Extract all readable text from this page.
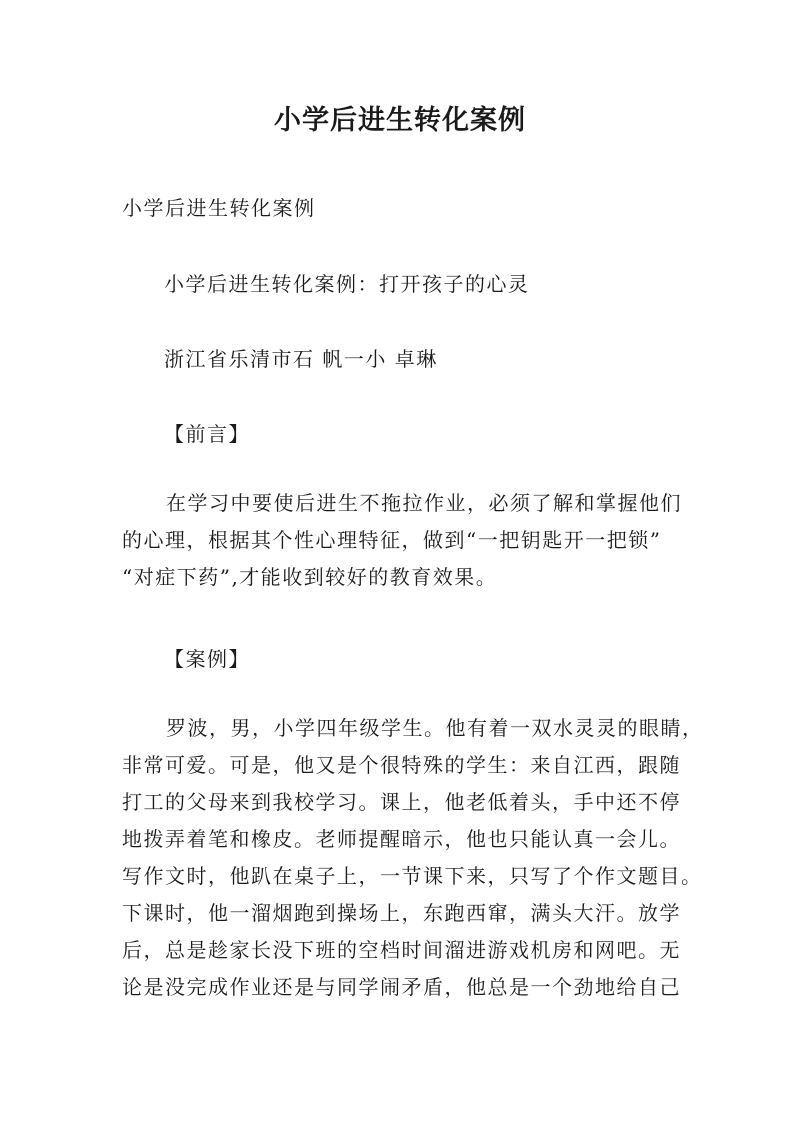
小学后进生转化案例

小学后进生转化案例

小学后进生转化案例：打开孩子的心灵

浙江省乐清市石 帆一小 卓琳

【前言】

在学习中要使后进生不拖拉作业，必须了解和掌握他们
的心理，根据其个性心理特征，做到“一把钥匙开一把锁”
“对症下药”,才能收到较好的教育效果。

【案例】

罗波，男，小学四年级学生。他有着一双水灵灵的眼睛，
非常可爱。可是，他又是个很特殊的学生：来自江西，跟随
打工的父母来到我校学习。课上，他老低着头，手中还不停
地拨弄着笔和橡皮。老师提醒暗示，他也只能认真一会儿。
写作文时，他趴在桌子上，一节课下来，只写了个作文题目。
下课时，他一溜烟跑到操场上，东跑西窜，满头大汗。放学
后，总是趁家长没下班的空档时间溜进游戏机房和网吧。无
论是没完成作业还是与同学闹矛盾，他总是一个劲地给自己
